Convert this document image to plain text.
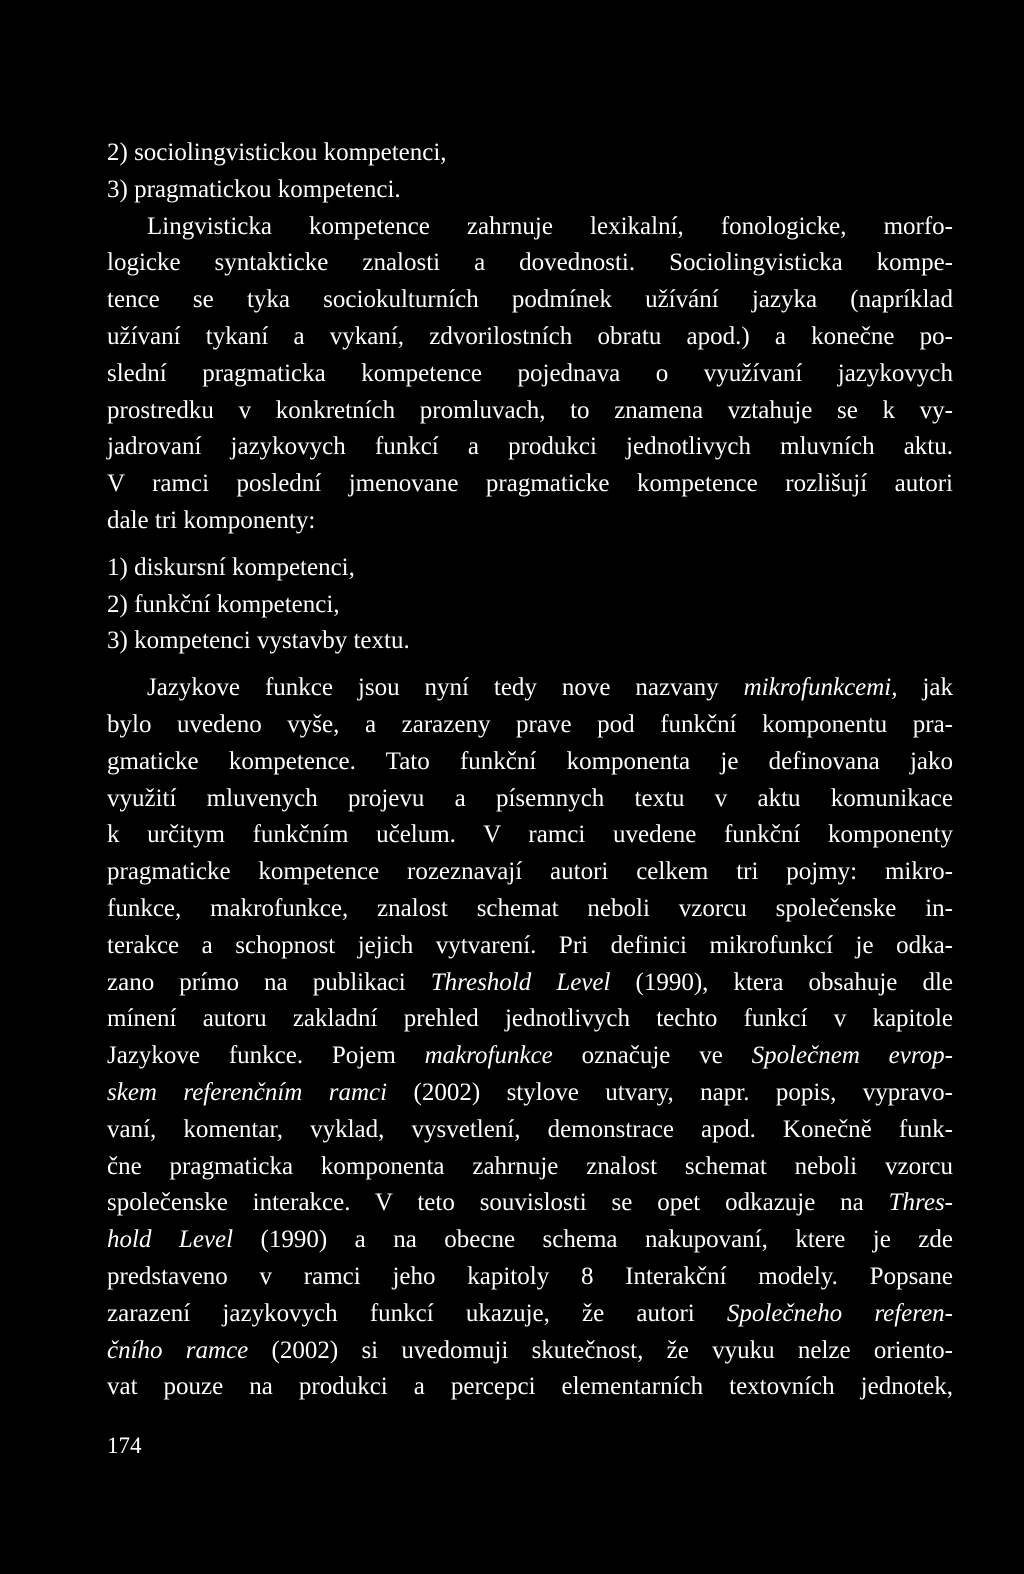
2) sociolingvistickou kompetenci,
3) pragmatickou kompetenci.
Lingvisticka kompetence zahrnuje lexikalní, fonologicke, morfo-
logicke syntakticke znalosti a dovednosti. Sociolingvisticka kompe-
tence se tyka sociokulturních podmínek užívání jazyka (napríklad
užívaní tykaní a vykaní, zdvorilostních obratu apod.) a konečne po-
slední pragmaticka kompetence pojednava o využívaní jazykovych
prostredku v konkretních promluvach, to znamena vztahuje se k vy-
jadrovaní jazykovych funkcí a produkci jednotlivych mluvních aktu.
V ramci poslední jmenovane pragmaticke kompetence rozlišují autori
dale tri komponenty:
1) diskursní kompetenci,
2) funkční kompetenci,
3) kompetenci vystavby textu.
Jazykove funkce jsou nyní tedy nove nazvany mikrofunkcemi, jak
bylo uvedeno vyše, a zarazeny prave pod funkční komponentu pra-
gmaticke kompetence. Tato funkční komponenta je definovana jako
využití mluvenych projevu a písemnych textu v aktu komunikace
k určitym funkčním učelum. V ramci uvedene funkční komponenty
pragmaticke kompetence rozeznavají autori celkem tri pojmy: mikro-
funkce, makrofunkce, znalost schemat neboli vzorcu společenske in-
terakce a schopnost jejich vytvarení. Pri definici mikrofunkcí je odka-
zano prímo na publikaci Threshold Level (1990), ktera obsahuje dle
mínení autoru zakladní prehled jednotlivych techto funkcí v kapitole
Jazykove funkce. Pojem makrofunkce označuje ve Společnem evrop-
skem referenčním ramci (2002) stylove utvary, napr. popis, vypravo-
vaní, komentar, vyklad, vysvetlení, demonstrace apod. Konečně funk-
čne pragmaticka komponenta zahrnuje znalost schemat neboli vzorcu
společenske interakce. V teto souvislosti se opet odkazuje na Thres-
hold Level (1990) a na obecne schema nakupovaní, ktere je zde
predstaveno v ramci jeho kapitoly 8 Interakční modely. Popsane
zarazení jazykovych funkcí ukazuje, že autori Společneho referen-
čního ramce (2002) si uvedomuji skutečnost, že vyuku nelze oriento-
vat pouze na produkci a percepci elementarních textovních jednotek,
174
